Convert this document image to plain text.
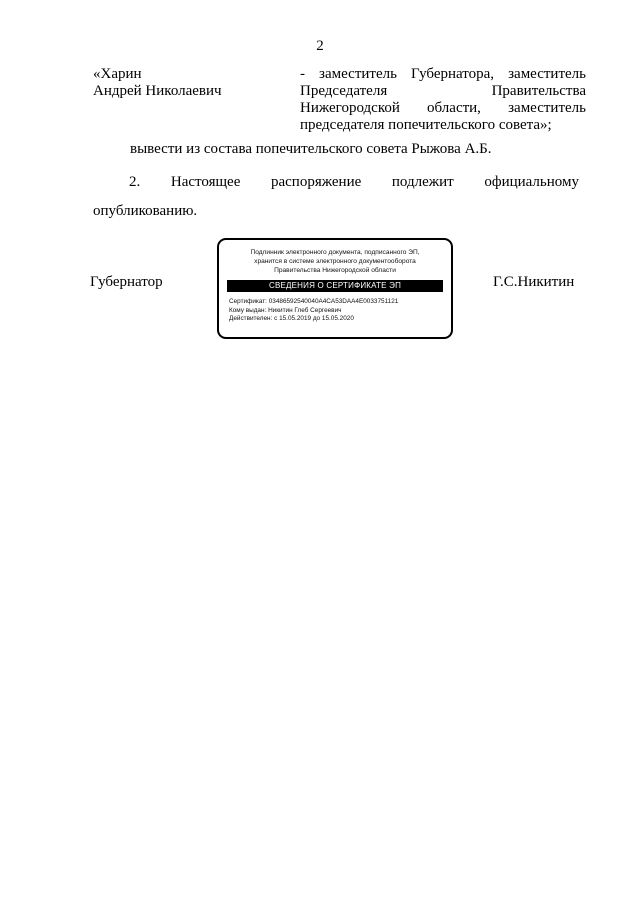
2
«Харин
Андрей Николаевич
- заместитель Губернатора, заместитель Председателя Правительства Нижегородской области, заместитель председателя попечительского совета»;
вывести из состава попечительского совета Рыжова А.Б.
2. Настоящее распоряжение подлежит официальному опубликованию.
Губернатор
Подлинник электронного документа, подписанного ЭП,
хранится в системе электронного документооборота
Правительства Нижегородской области
СВЕДЕНИЯ О СЕРТИФИКАТЕ ЭП
Сертификат: 03486592540040A4CA53DAA4E0033751121
Кому выдан: Никитин Глеб Сергеевич
Действителен: с 15.05.2019 до 15.05.2020
Г.С.Никитин
